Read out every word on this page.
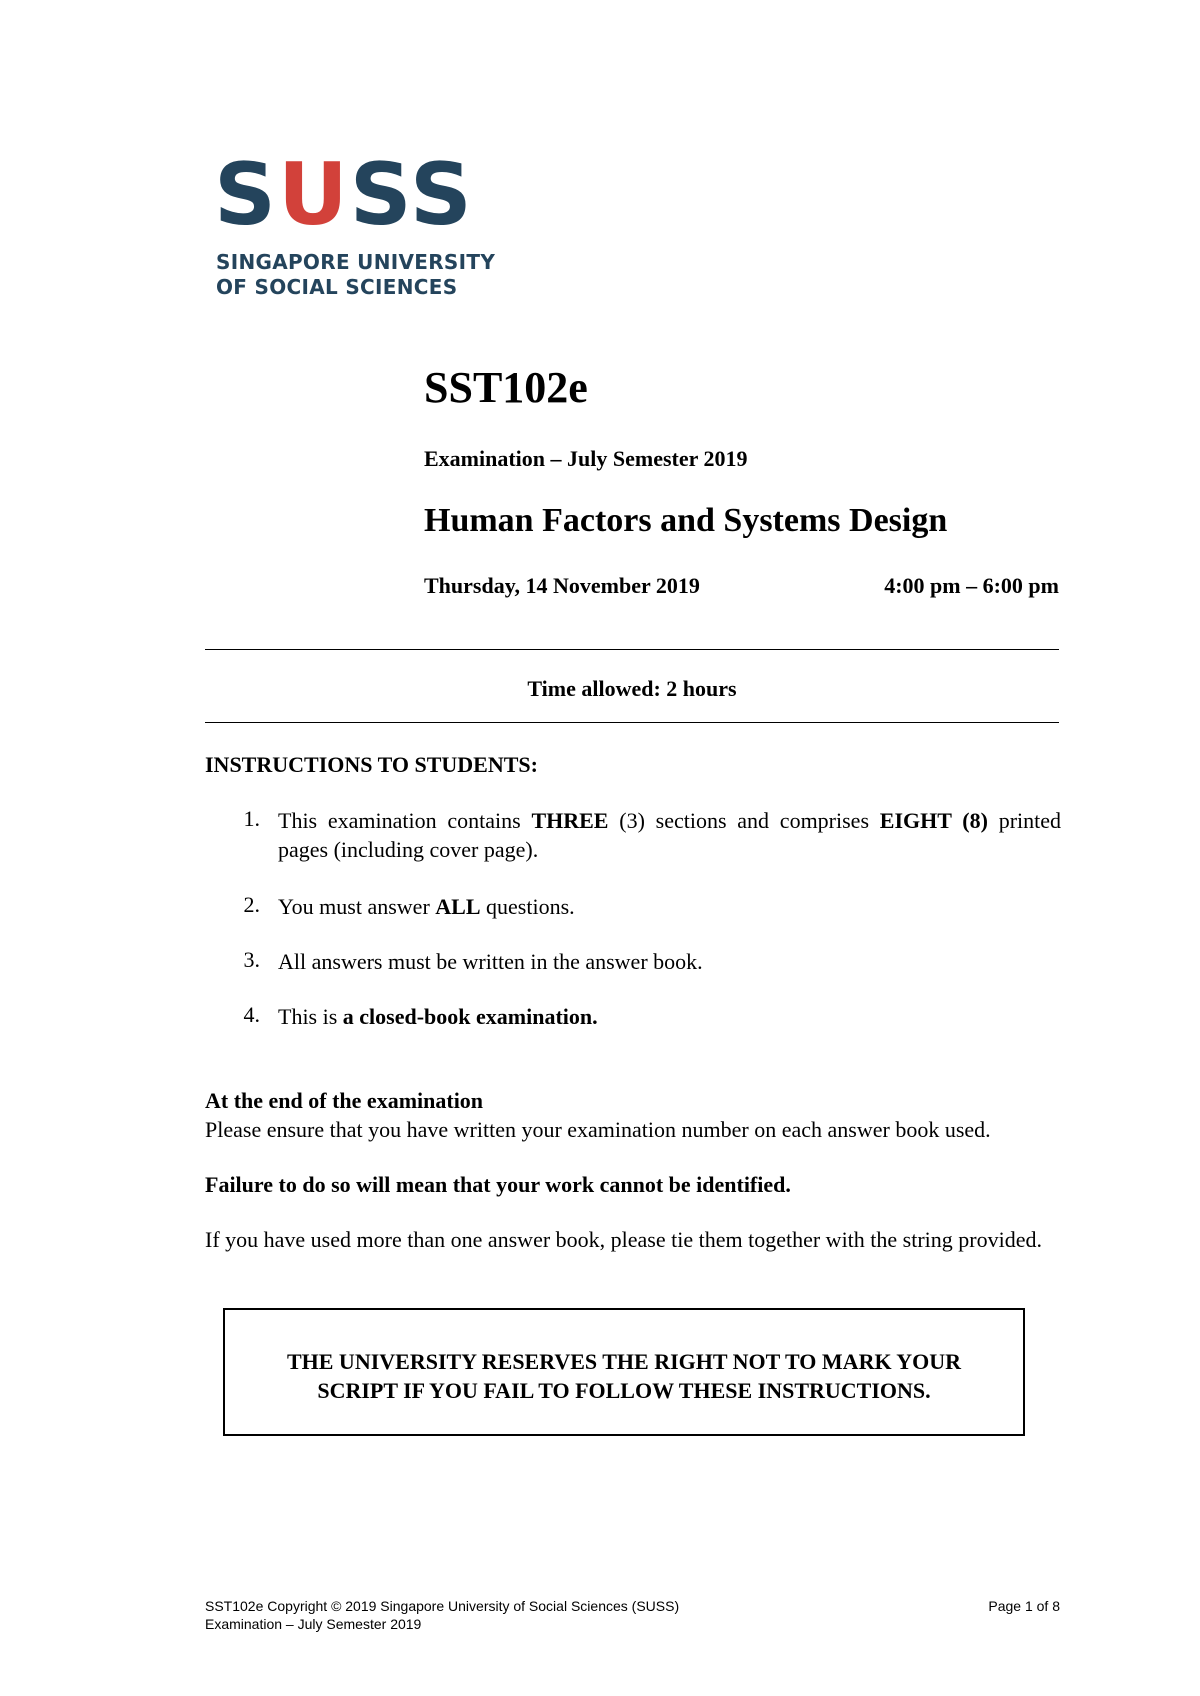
SUSS
SINGAPORE UNIVERSITY
OF SOCIAL SCIENCES
SST102e
Examination – July Semester 2019
Human Factors and Systems Design
Thursday, 14 November 2019	4:00 pm – 6:00 pm
Time allowed: 2 hours
INSTRUCTIONS TO STUDENTS:
1. This examination contains THREE (3) sections and comprises EIGHT (8) printed pages (including cover page).
2. You must answer ALL questions.
3. All answers must be written in the answer book.
4. This is a closed-book examination.
At the end of the examination
Please ensure that you have written your examination number on each answer book used.
Failure to do so will mean that your work cannot be identified.
If you have used more than one answer book, please tie them together with the string provided.
THE UNIVERSITY RESERVES THE RIGHT NOT TO MARK YOUR
SCRIPT IF YOU FAIL TO FOLLOW THESE INSTRUCTIONS.
SST102e Copyright © 2019 Singapore University of Social Sciences (SUSS)
Examination – July Semester 2019
Page 1 of 8
